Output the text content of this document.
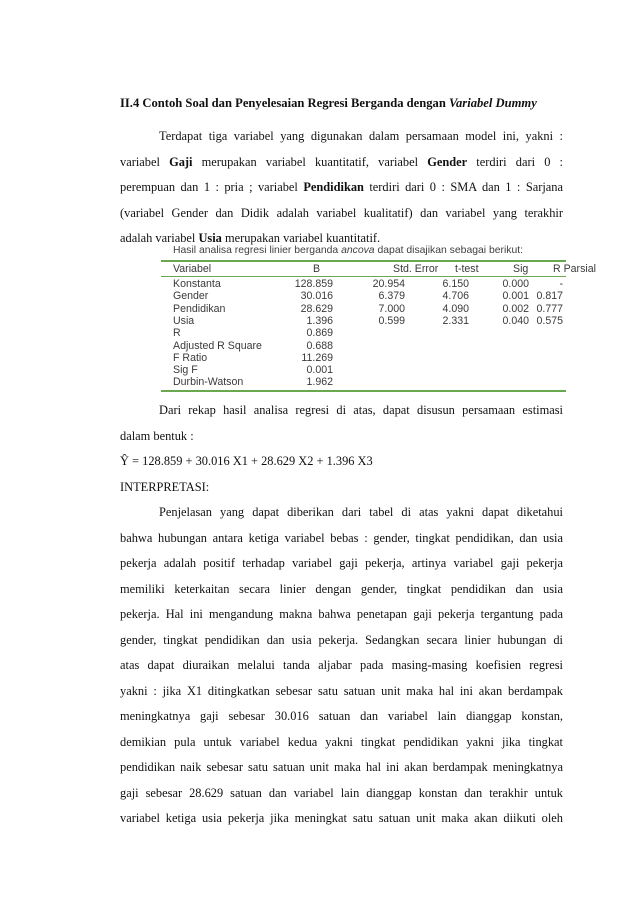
II.4 Contoh Soal dan Penyelesaian Regresi Berganda dengan Variabel Dummy
Terdapat tiga variabel yang digunakan dalam persamaan model ini, yakni :
variabel Gaji merupakan variabel kuantitatif, variabel Gender terdiri dari 0 :
perempuan dan 1 : pria ; variabel Pendidikan terdiri dari 0 : SMA dan 1 : Sarjana
(variabel Gender dan Didik adalah variabel kualitatif) dan variabel yang terakhir
adalah variabel Usia merupakan variabel kuantitatif.
Hasil analisa regresi linier berganda ancova dapat disajikan sebagai berikut:
Variabel	B	Std. Error t-test	Sig R Parsial
Konstanta	128.859	20.954	6.150	0.000	-
Gender	30.016	6.379	4.706	0.001 0.817
Pendidikan	28.629	7.000	4.090	0.002 0.777
Usia	1.396	0.599	2.331	0.040 0.575
R	0.869
Adjusted R Square	0.688
F Ratio	11.269
Sig F	0.001
Durbin-Watson	1.962
Dari rekap hasil analisa regresi di atas, dapat disusun persamaan estimasi
dalam bentuk :
Ŷ = 128.859 + 30.016 X1 + 28.629 X2 + 1.396 X3
INTERPRETASI:
Penjelasan yang dapat diberikan dari tabel di atas yakni dapat diketahui
bahwa hubungan antara ketiga variabel bebas : gender, tingkat pendidikan, dan usia
pekerja adalah positif terhadap variabel gaji pekerja, artinya variabel gaji pekerja
memiliki keterkaitan secara linier dengan gender, tingkat pendidikan dan usia
pekerja. Hal ini mengandung makna bahwa penetapan gaji pekerja tergantung pada
gender, tingkat pendidikan dan usia pekerja. Sedangkan secara linier hubungan di
atas dapat diuraikan melalui tanda aljabar pada masing-masing koefisien regresi
yakni : jika X1 ditingkatkan sebesar satu satuan unit maka hal ini akan berdampak
meningkatnya gaji sebesar 30.016 satuan dan variabel lain dianggap konstan,
demikian pula untuk variabel kedua yakni tingkat pendidikan yakni jika tingkat
pendidikan naik sebesar satu satuan unit maka hal ini akan berdampak meningkatnya
gaji sebesar 28.629 satuan dan variabel lain dianggap konstan dan terakhir untuk
variabel ketiga usia pekerja jika meningkat satu satuan unit maka akan diikuti oleh
